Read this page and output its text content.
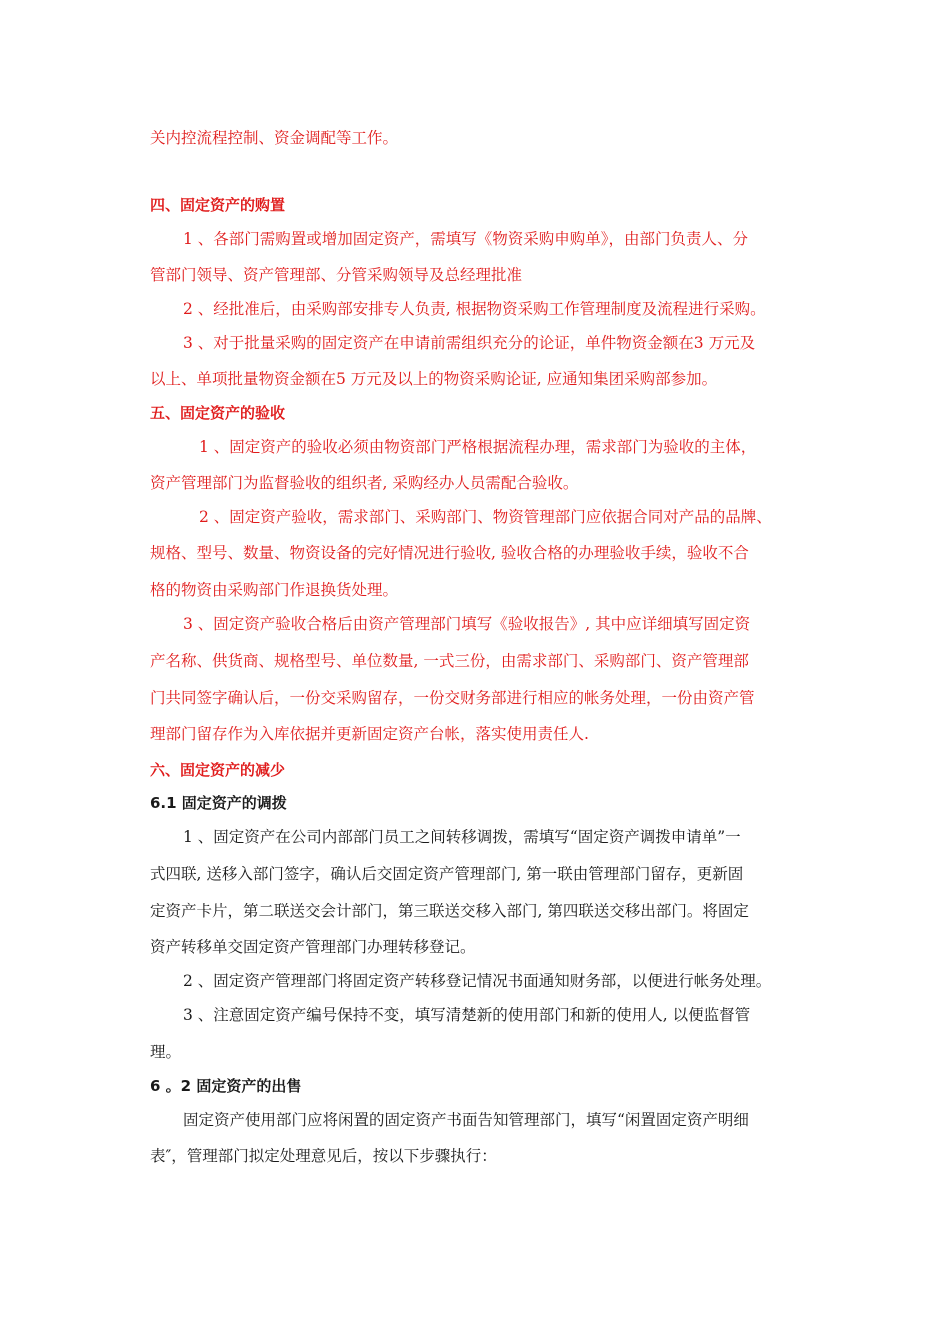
关内控流程控制、资金调配等工作。
四、固定资产的购置
1 、各部门需购置或增加固定资产，需填写《物资采购申购单》，由部门负责人、分
管部门领导、资产管理部、分管采购领导及总经理批准
2 、经批准后，由采购部安排专人负责, 根据物资采购工作管理制度及流程进行采购。
3 、对于批量采购的固定资产在申请前需组织充分的论证，单件物资金额在3 万元及
以上、单项批量物资金额在5 万元及以上的物资采购论证, 应通知集团采购部参加。
五、固定资产的验收
1 、固定资产的验收必须由物资部门严格根据流程办理，需求部门为验收的主体，
资产管理部门为监督验收的组织者, 采购经办人员需配合验收。
2 、固定资产验收，需求部门、采购部门、物资管理部门应依据合同对产品的品牌、
规格、型号、数量、物资设备的完好情况进行验收, 验收合格的办理验收手续，验收不合
格的物资由采购部门作退换货处理。
3 、固定资产验收合格后由资产管理部门填写《验收报告》, 其中应详细填写固定资
产名称、供货商、规格型号、单位数量, 一式三份，由需求部门、采购部门、资产管理部
门共同签字确认后，一份交采购留存，一份交财务部进行相应的帐务处理，一份由资产管
理部门留存作为入库依据并更新固定资产台帐，落实使用责任人.
六、固定资产的减少
6.1 固定资产的调拨
1 、固定资产在公司内部部门员工之间转移调拨，需填写“固定资产调拨申请单”一
式四联, 送移入部门签字，确认后交固定资产管理部门, 第一联由管理部门留存，更新固
定资产卡片，第二联送交会计部门，第三联送交移入部门, 第四联送交移出部门。将固定
资产转移单交固定资产管理部门办理转移登记。
2 、固定资产管理部门将固定资产转移登记情况书面通知财务部，以便进行帐务处理。
3 、注意固定资产编号保持不变，填写清楚新的使用部门和新的使用人, 以便监督管
理。
6 。2 固定资产的出售
固定资产使用部门应将闲置的固定资产书面告知管理部门，填写“闲置固定资产明细
表″，管理部门拟定处理意见后，按以下步骤执行：
